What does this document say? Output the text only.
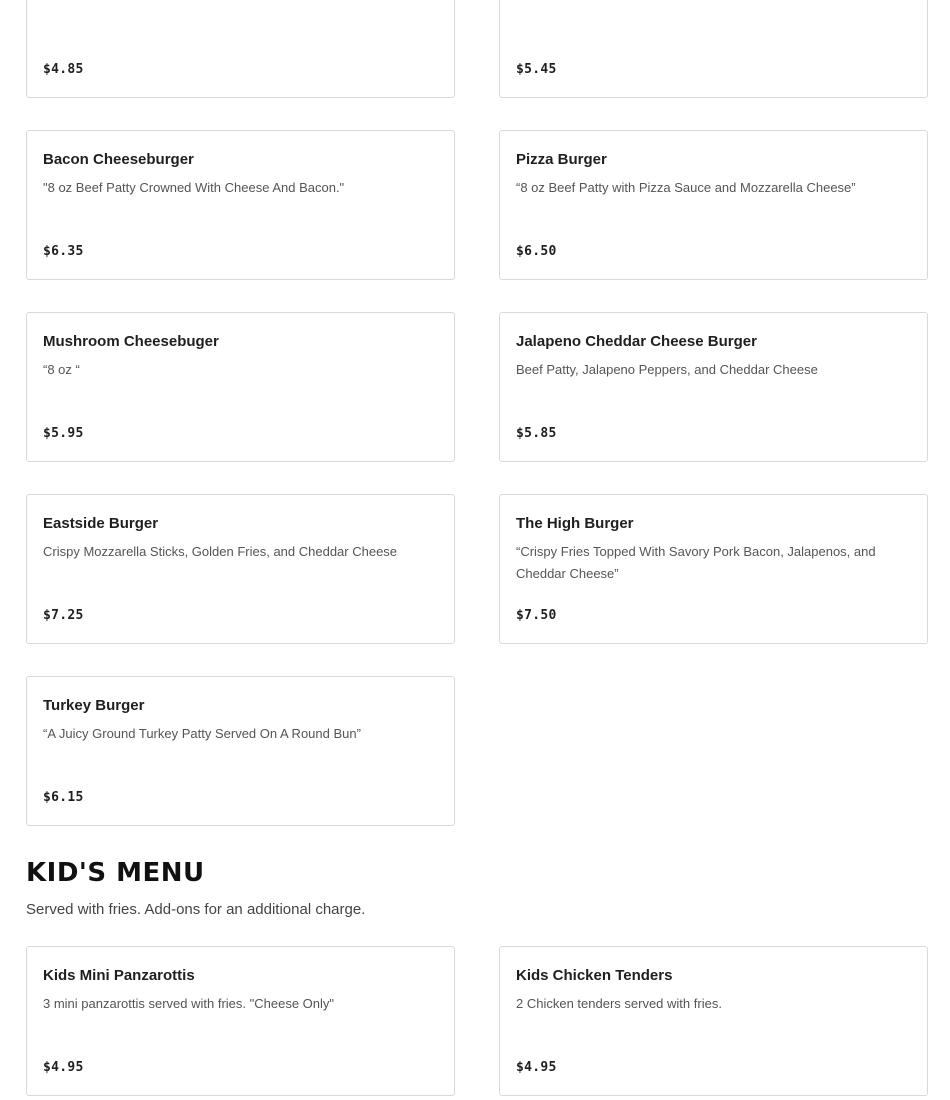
$4.85	$5.45
Bacon Cheeseburger
"8 oz Beef Patty Crowned With Cheese And Bacon."
$6.35
Pizza Burger
“8 oz Beef Patty with Pizza Sauce and Mozzarella Cheese”
$6.50
Mushroom Cheesebuger
“8 oz “
$5.95
Jalapeno Cheddar Cheese Burger
Beef Patty, Jalapeno Peppers, and Cheddar Cheese
$5.85
Eastside Burger
Crispy Mozzarella Sticks, Golden Fries, and Cheddar Cheese
$7.25
The High Burger
“Crispy Fries Topped With Savory Pork Bacon, Jalapenos, and Cheddar Cheese”
$7.50
Turkey Burger
“A Juicy Ground Turkey Patty Served On A Round Bun”
$6.15
KID'S MENU

Served with fries. Add-ons for an additional charge.

Kids Mini Panzarottis
3 mini panzarottis served with fries. "Cheese Only"
$4.95
Kids Chicken Tenders
2 Chicken tenders served with fries.
$4.95
